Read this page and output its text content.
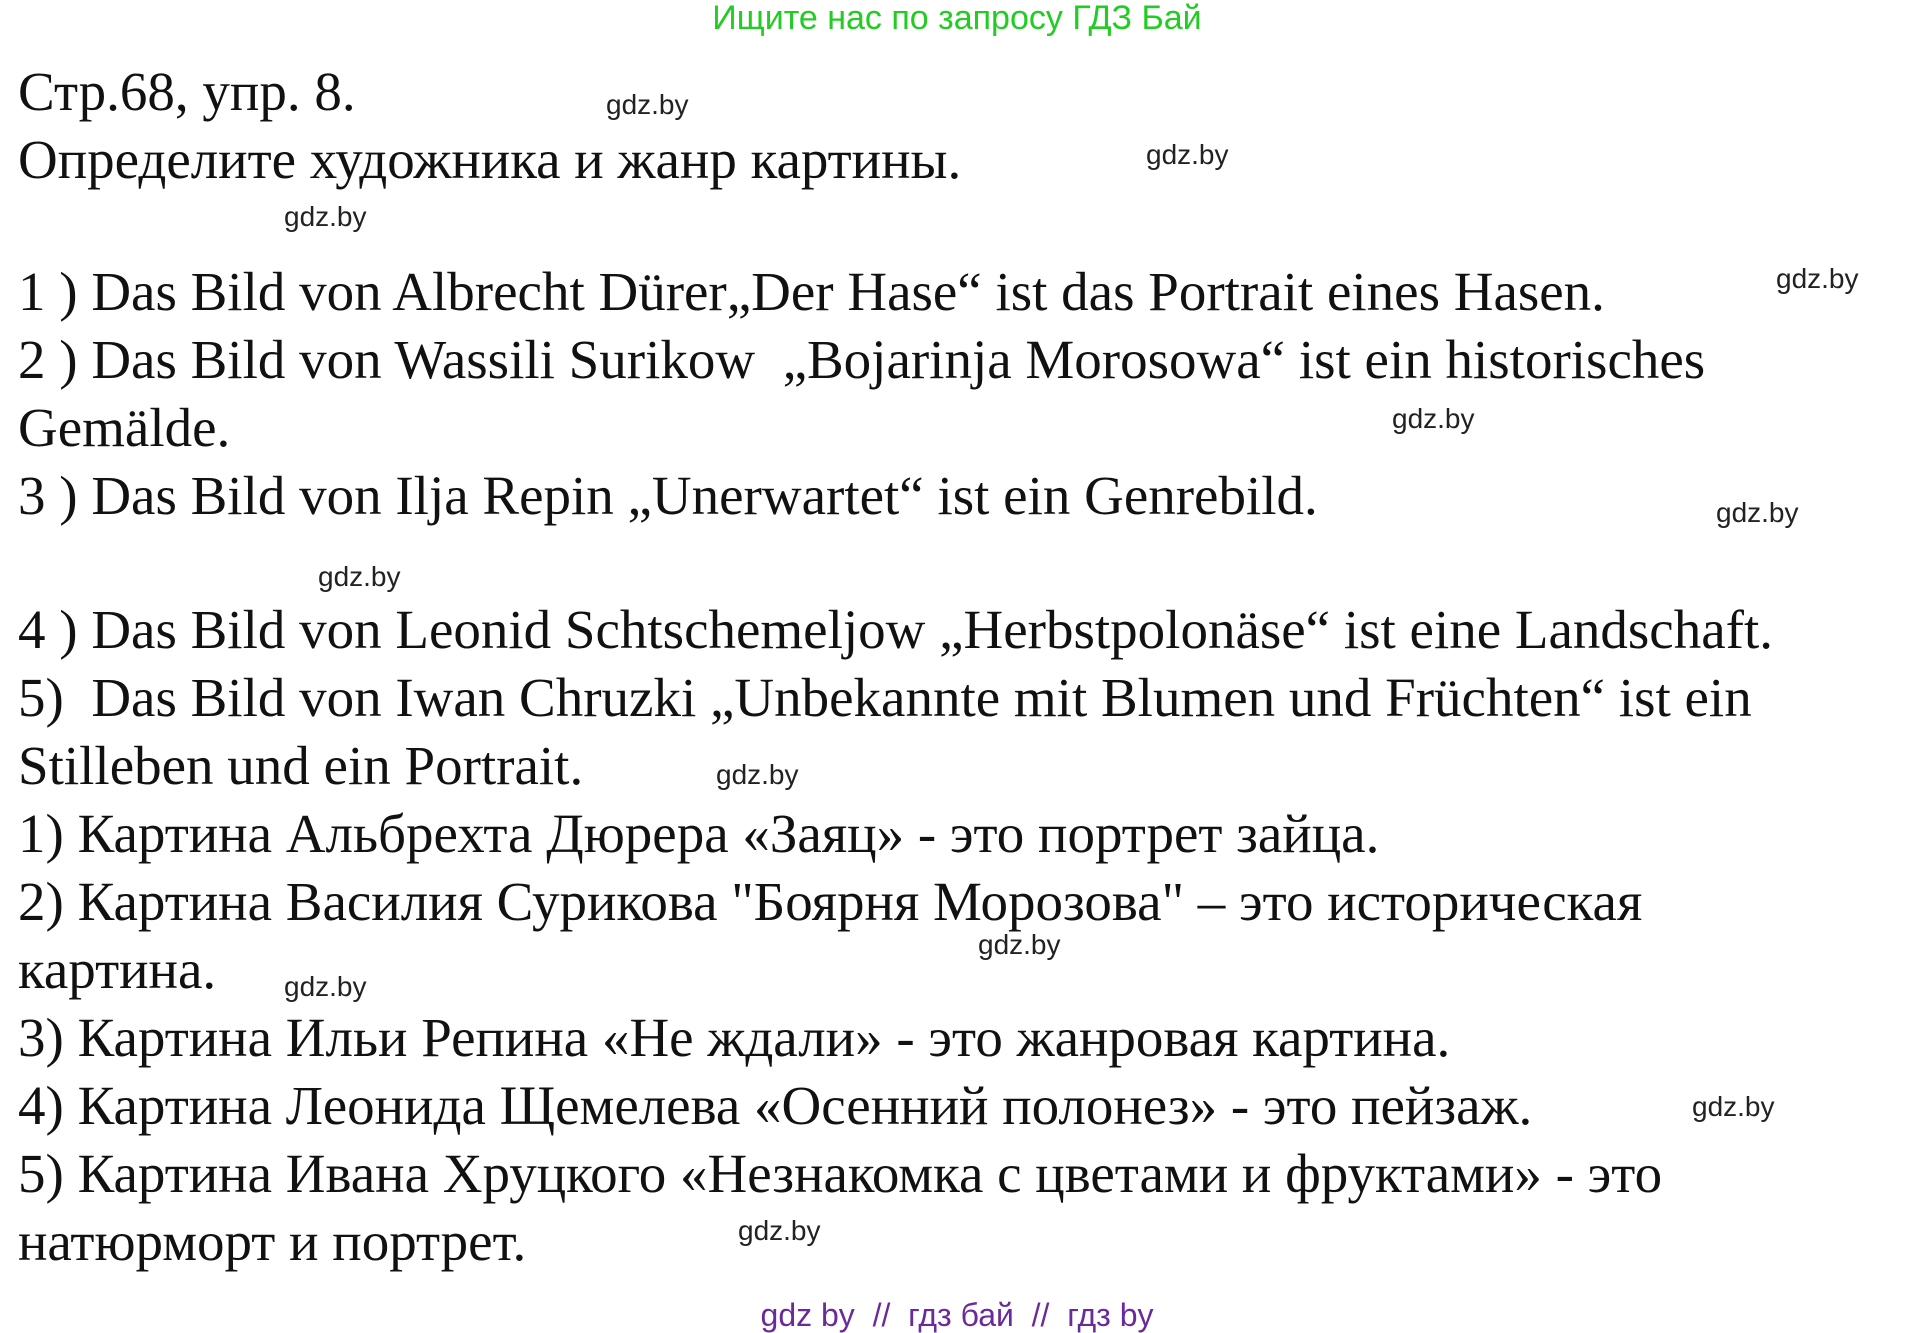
Ищите нас по запросу ГДЗ Бай
Стр.68, упр. 8.
Определите художника и жанр картины.
1 ) Das Bild von Albrecht Dürer„Der Hase“ ist das Portrait eines Hasen.
2 ) Das Bild von Wassili Surikow  „Bojarinja Morosowa“ ist ein historisches
Gemälde.
3 ) Das Bild von Ilja Repin „Unerwartet“ ist ein Genrebild.
4 ) Das Bild von Leonid Schtschemeljow „Herbstpolonäse“ ist eine Landschaft.
5)  Das Bild von Iwan Chruzki „Unbekannte mit Blumen und Früchten“ ist ein
Stilleben und ein Portrait.
1) Картина Альбрехта Дюрера «Заяц» - это портрет зайца.
2) Картина Василия Сурикова "Боярня Морозова" – это историческая
картина.
3) Картина Ильи Репина «Не ждали» - это жанровая картина.
4) Картина Леонида Щемелева «Осенний полонез» - это пейзаж.
5) Картина Ивана Хруцкого «Незнакомка с цветами и фруктами» - это
натюрморт и портрет.
gdz.by
gdz.by
gdz.by
gdz.by
gdz.by
gdz.by
gdz.by
gdz.by
gdz.by
gdz.by
gdz.by
gdz.by
gdz by  //  гдз бай  //  гдз by
